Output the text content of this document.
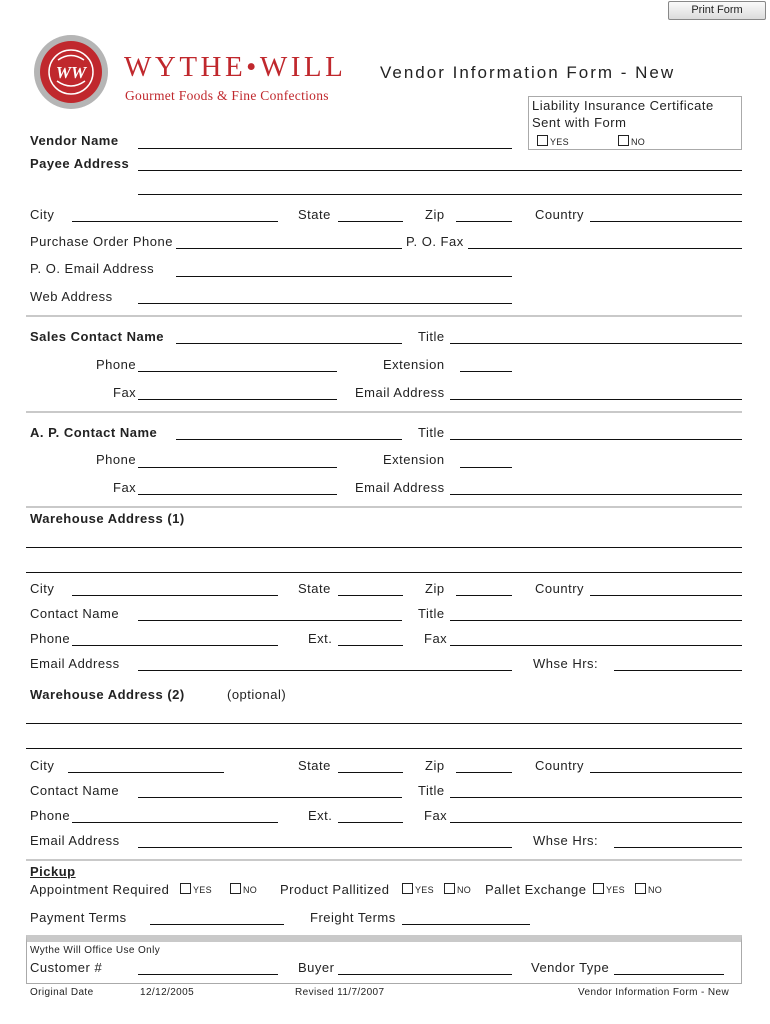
Print Form
WW WYTHE•WILL
Gourmet Foods & Fine Confections
Vendor Information Form - New
Liability Insurance Certificate
Sent with Form
YES	NO
Vendor Name
Payee Address
City	State	Zip	Country
Purchase Order Phone	P. O. Fax
P. O. Email Address
Web Address
Sales Contact Name	Title
Phone	Extension
Fax	Email Address
A. P. Contact Name	Title
Phone	Extension
Fax	Email Address
Warehouse Address (1)
City	State	Zip	Country
Contact Name	Title
Phone	Ext.	Fax
Email Address	Whse Hrs:
Warehouse Address (2)	(optional)
City	State	Zip	Country
Contact Name	Title
Phone	Ext.	Fax
Email Address	Whse Hrs:
Pickup
Appointment Required	YES	NO Product Pallitized	YES	NO Pallet Exchange YES	NO
Payment Terms	Freight Terms
Wythe Will Office Use Only
Customer #	Buyer	Vendor Type
Original Date	12/12/2005	Revised 11/7/2007	Vendor Information Form - New
